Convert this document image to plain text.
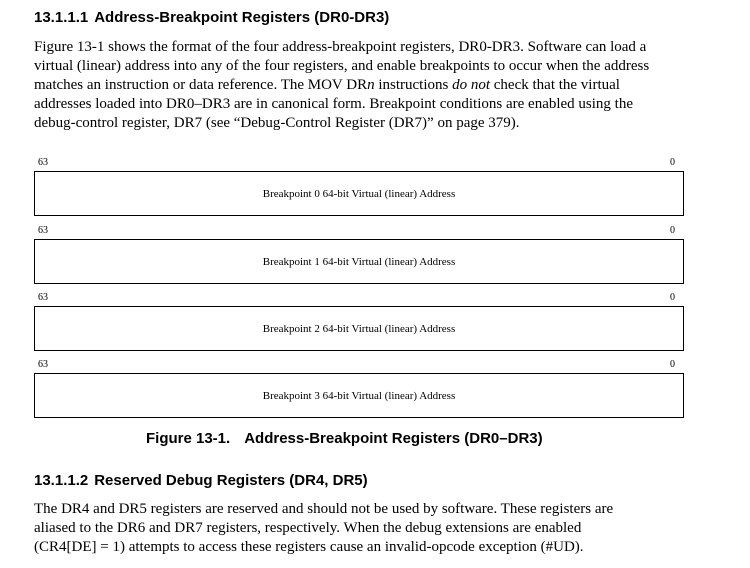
13.1.1.1 Address-Breakpoint Registers (DR0-DR3)
Figure 13-1 shows the format of the four address-breakpoint registers, DR0-DR3. Software can load a
virtual (linear) address into any of the four registers, and enable breakpoints to occur when the address
matches an instruction or data reference. The MOV DRn instructions do not check that the virtual
addresses loaded into DR0–DR3 are in canonical form. Breakpoint conditions are enabled using the
debug-control register, DR7 (see “Debug-Control Register (DR7)” on page 379).
63	0
Breakpoint 0 64-bit Virtual (linear) Address
63	0
Breakpoint 1 64-bit Virtual (linear) Address
63	0
Breakpoint 2 64-bit Virtual (linear) Address
63	0
Breakpoint 3 64-bit Virtual (linear) Address
Figure 13-1. Address-Breakpoint Registers (DR0–DR3)
13.1.1.2 Reserved Debug Registers (DR4, DR5)
The DR4 and DR5 registers are reserved and should not be used by software. These registers are
aliased to the DR6 and DR7 registers, respectively. When the debug extensions are enabled
(CR4[DE] = 1) attempts to access these registers cause an invalid-opcode exception (#UD).
